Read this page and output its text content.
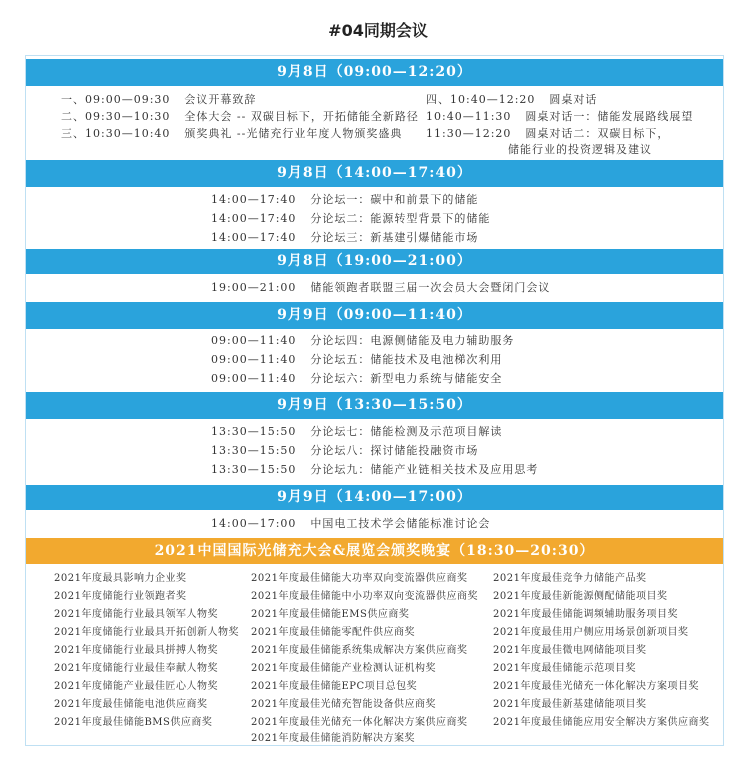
#04同期会议
9月8日（09:00—12:20）
一、09:00—09:30 会议开幕致辞
二、09:30—10:30 全体大会 -- 双碳目标下，开拓储能全新路径
三、10:30—10:40 颁奖典礼 --光储充行业年度人物颁奖盛典
四、10:40—12:20 圆桌对话
10:40—11:30 圆桌对话一：储能发展路线展望
11:30—12:20 圆桌对话二：双碳目标下，
储能行业的投资逻辑及建议
9月8日（14:00—17:40）
14:00—17:40 分论坛一：碳中和前景下的储能
14:00—17:40 分论坛二：能源转型背景下的储能
14:00—17:40 分论坛三：新基建引爆储能市场
9月8日（19:00—21:00）
19:00—21:00 储能领跑者联盟三届一次会员大会暨闭门会议
9月9日（09:00—11:40）
09:00—11:40 分论坛四：电源侧储能及电力辅助服务
09:00—11:40 分论坛五：储能技术及电池梯次利用
09:00—11:40 分论坛六：新型电力系统与储能安全
9月9日（13:30—15:50）
13:30—15:50 分论坛七：储能检测及示范项目解读
13:30—15:50 分论坛八：探讨储能投融资市场
13:30—15:50 分论坛九：储能产业链相关技术及应用思考
9月9日（14:00—17:00）
14:00—17:00 中国电工技术学会储能标准讨论会
2021中国国际光储充大会&展览会颁奖晚宴（18:30—20:30）
2021年度最具影响力企业奖
2021年度储能行业领跑者奖
2021年度储能行业最具领军人物奖
2021年度储能行业最具开拓创新人物奖
2021年度储能行业最具拼搏人物奖
2021年度储能行业最佳奉献人物奖
2021年度储能产业最佳匠心人物奖
2021年度最佳储能电池供应商奖
2021年度最佳储能BMS供应商奖
2021年度最佳储能大功率双向变流器供应商奖
2021年度最佳储能中小功率双向变流器供应商奖
2021年度最佳储能EMS供应商奖
2021年度最佳储能零配件供应商奖
2021年度最佳储能系统集成解决方案供应商奖
2021年度最佳储能产业检测认证机构奖
2021年度最佳储能EPC项目总包奖
2021年度最佳光储充智能设备供应商奖
2021年度最佳光储充一体化解决方案供应商奖
2021年度最佳储能消防解决方案奖
2021年度最佳竞争力储能产品奖
2021年度最佳新能源侧配储能项目奖
2021年度最佳储能调频辅助服务项目奖
2021年度最佳用户侧应用场景创新项目奖
2021年度最佳微电网储能项目奖
2021年度最佳储能示范项目奖
2021年度最佳光储充一体化解决方案项目奖
2021年度最佳新基建储能项目奖
2021年度最佳储能应用安全解决方案供应商奖
